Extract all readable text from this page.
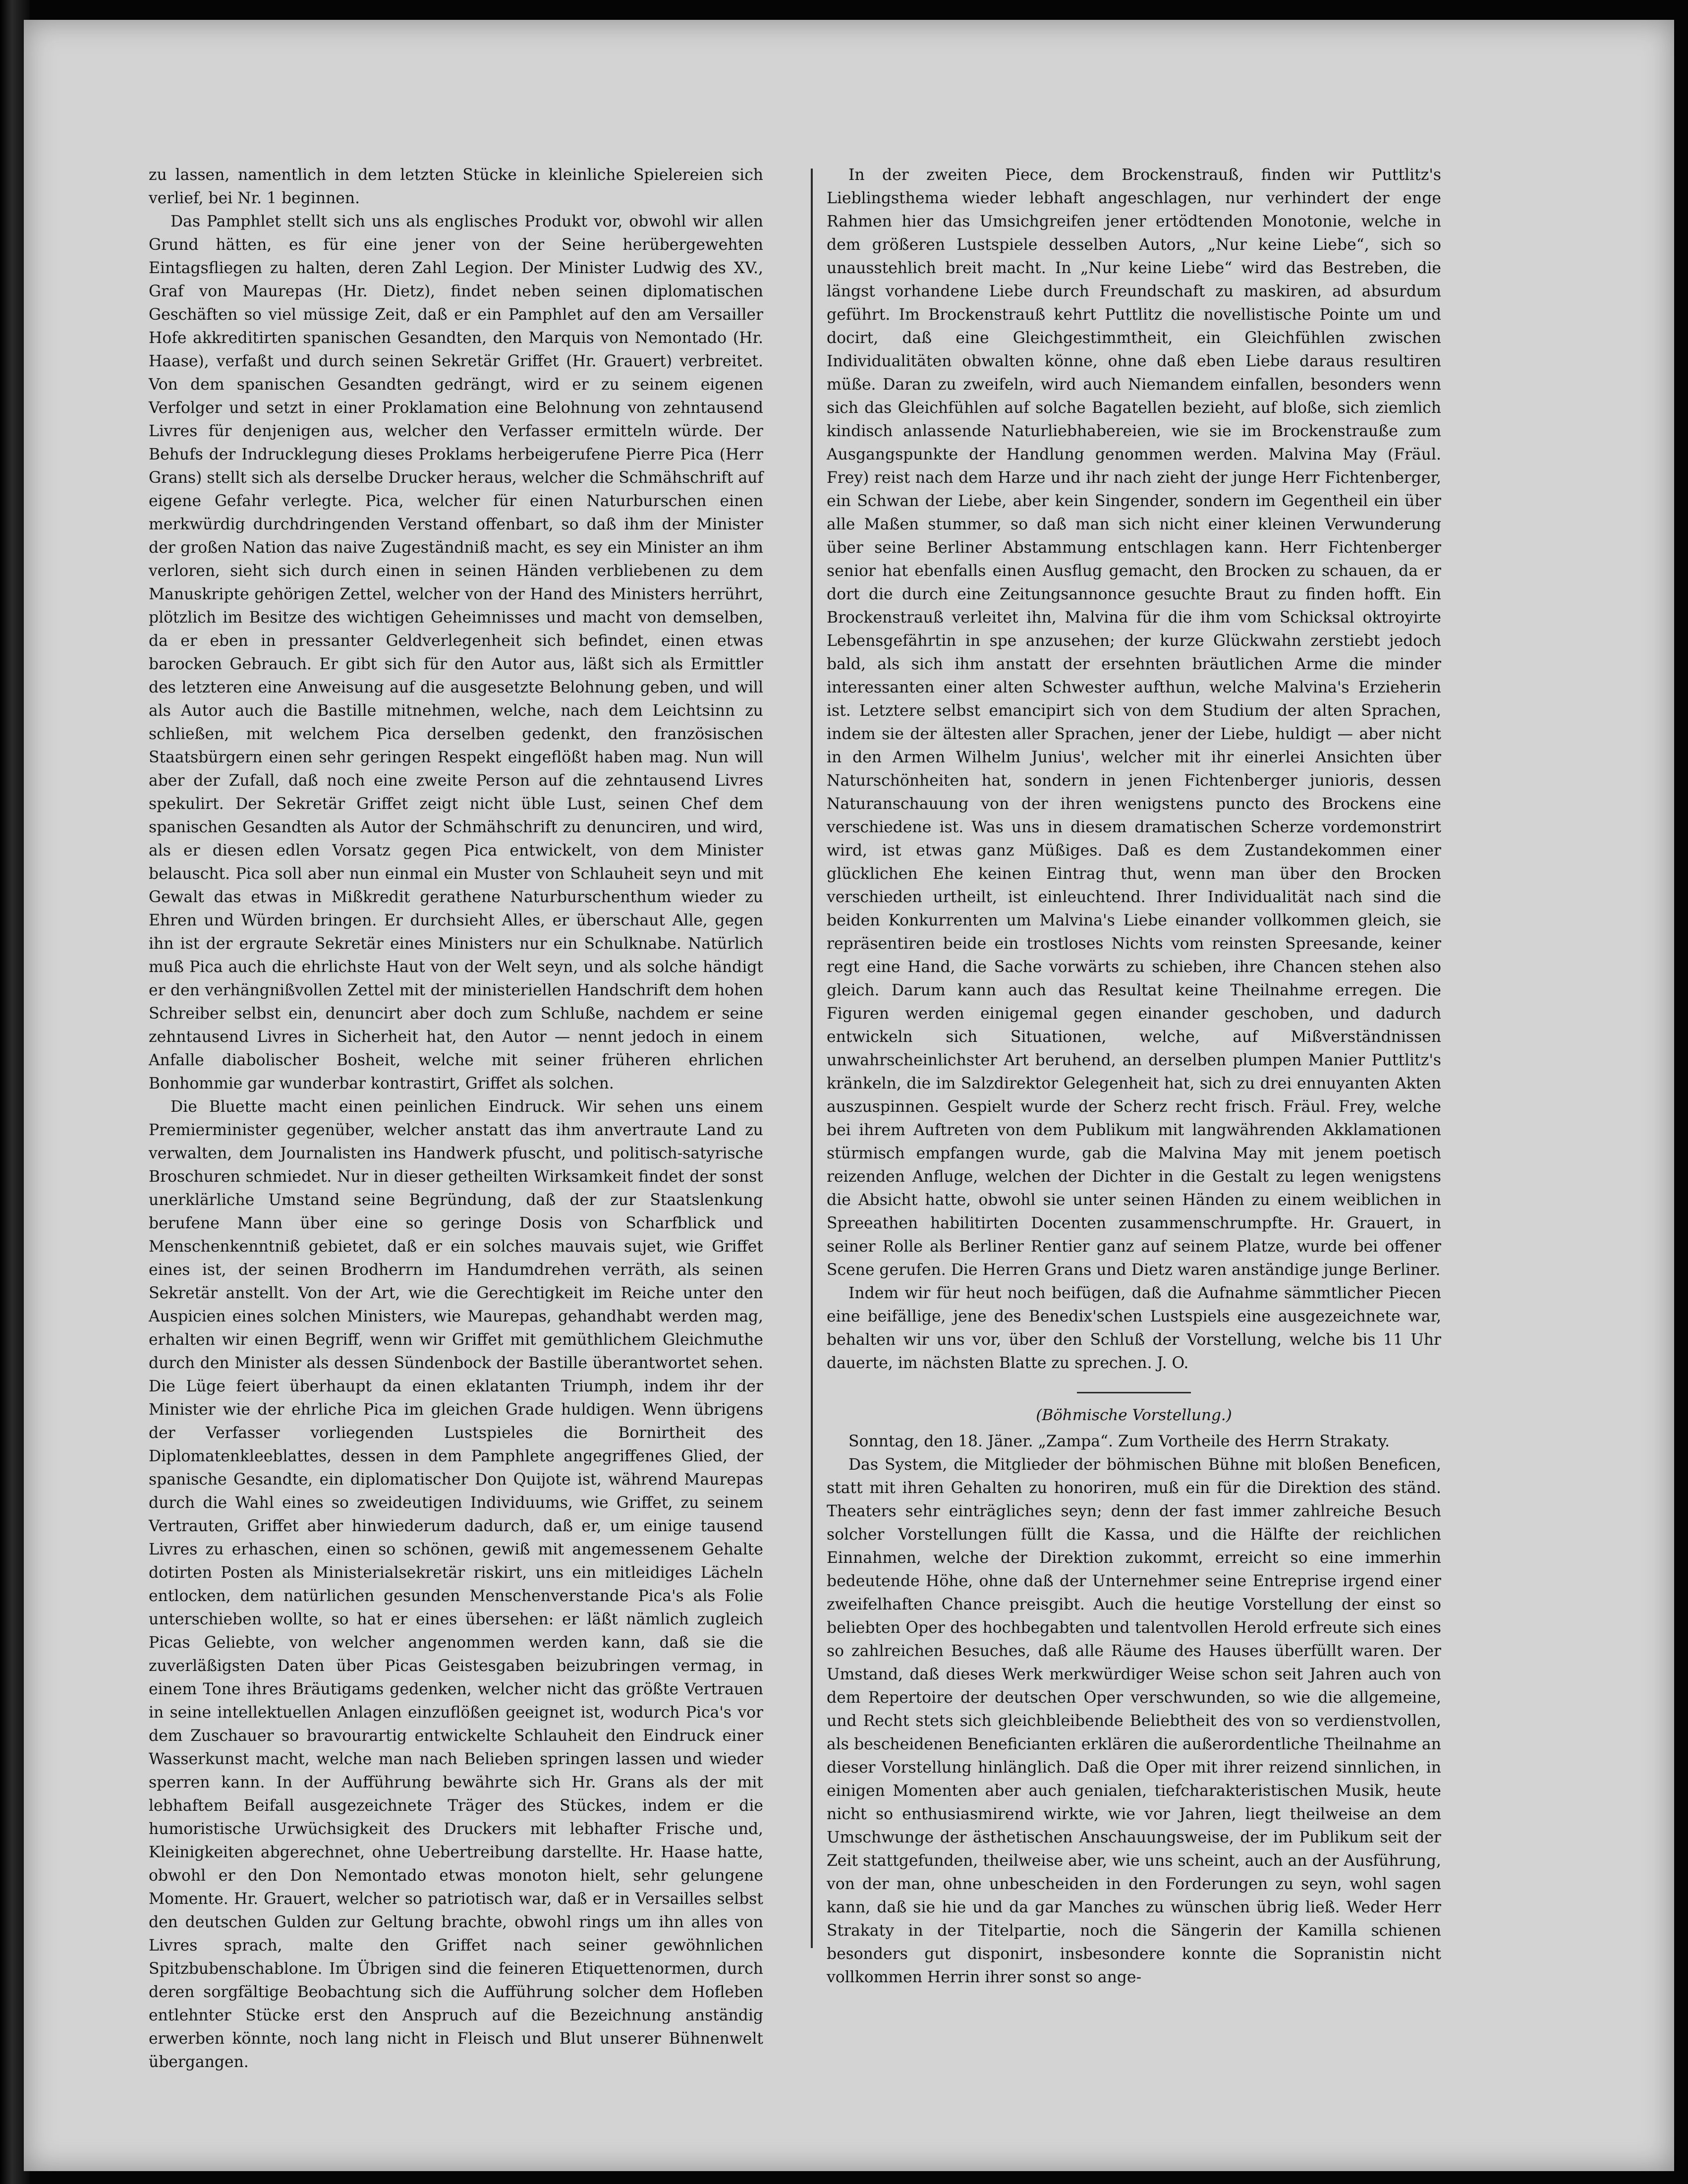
zu lassen, namentlich in dem letzten Stücke in kleinliche Spielereien sich verlief, bei Nr. 1 beginnen.

Das Pamphlet stellt sich uns als englisches Produkt vor, obwohl wir allen Grund hätten, es für eine jener von der Seine herübergewehten Eintagsfliegen zu halten, deren Zahl Legion. Der Minister Ludwig des XV., Graf von Maurepas (Hr. Dietz), findet neben seinen diplomatischen Geschäften so viel müssige Zeit, daß er ein Pamphlet auf den am Versailler Hofe akkreditirten spanischen Gesandten, den Marquis von Nemontado (Hr. Haase), verfaßt und durch seinen Sekretär Griffet (Hr. Grauert) verbreitet. Von dem spanischen Gesandten gedrängt, wird er zu seinem eigenen Verfolger und setzt in einer Proklamation eine Belohnung von zehntausend Livres für denjenigen aus, welcher den Verfasser ermitteln würde. Der Behufs der Indrucklegung dieses Proklams herbeigerufene Pierre Pica (Herr Grans) stellt sich als derselbe Drucker heraus, welcher die Schmähschrift auf eigene Gefahr verlegte. Pica, welcher für einen Naturburschen einen merkwürdig durchdringenden Verstand offenbart, so daß ihm der Minister der großen Nation das naive Zugeständniß macht, es sey ein Minister an ihm verloren, sieht sich durch einen in seinen Händen verbliebenen zu dem Manuskripte gehörigen Zettel, welcher von der Hand des Ministers herrührt, plötzlich im Besitze des wichtigen Geheimnisses und macht von demselben, da er eben in pressanter Geldverlegenheit sich befindet, einen etwas barocken Gebrauch. Er gibt sich für den Autor aus, läßt sich als Ermittler des letzteren eine Anweisung auf die ausgesetzte Belohnung geben, und will als Autor auch die Bastille mitnehmen, welche, nach dem Leichtsinn zu schließen, mit welchem Pica derselben gedenkt, den französischen Staatsbürgern einen sehr geringen Respekt eingeflößt haben mag. Nun will aber der Zufall, daß noch eine zweite Person auf die zehntausend Livres spekulirt. Der Sekretär Griffet zeigt nicht üble Lust, seinen Chef dem spanischen Gesandten als Autor der Schmähschrift zu denunciren, und wird, als er diesen edlen Vorsatz gegen Pica entwickelt, von dem Minister belauscht. Pica soll aber nun einmal ein Muster von Schlauheit seyn und mit Gewalt das etwas in Mißkredit gerathene Naturburschenthum wieder zu Ehren und Würden bringen. Er durchsieht Alles, er überschaut Alle, gegen ihn ist der ergraute Sekretär eines Ministers nur ein Schulknabe. Natürlich muß Pica auch die ehrlichste Haut von der Welt seyn, und als solche händigt er den verhängnißvollen Zettel mit der ministeriellen Handschrift dem hohen Schreiber selbst ein, denuncirt aber doch zum Schluße, nachdem er seine zehntausend Livres in Sicherheit hat, den Autor — nennt jedoch in einem Anfalle diabolischer Bosheit, welche mit seiner früheren ehrlichen Bonhommie gar wunderbar kontrastirt, Griffet als solchen.

Die Bluette macht einen peinlichen Eindruck. Wir sehen uns einem Premierminister gegenüber, welcher anstatt das ihm anvertraute Land zu verwalten, dem Journalisten ins Handwerk pfuscht, und politisch-satyrische Broschuren schmiedet. Nur in dieser getheilten Wirksamkeit findet der sonst unerklärliche Umstand seine Begründung, daß der zur Staatslenkung berufene Mann über eine so geringe Dosis von Scharfblick und Menschenkenntniß gebietet, daß er ein solches mauvais sujet, wie Griffet eines ist, der seinen Brodherrn im Handumdrehen verräth, als seinen Sekretär anstellt. Von der Art, wie die Gerechtigkeit im Reiche unter den Auspicien eines solchen Ministers, wie Maurepas, gehandhabt werden mag, erhalten wir einen Begriff, wenn wir Griffet mit gemüthlichem Gleichmuthe durch den Minister als dessen Sündenbock der Bastille überantwortet sehen. Die Lüge feiert überhaupt da einen eklatanten Triumph, indem ihr der Minister wie der ehrliche Pica im gleichen Grade huldigen. Wenn übrigens der Verfasser vorliegenden Lustspieles die Bornirtheit des Diplomatenkleeblattes, dessen in dem Pamphlete angegriffenes Glied, der spanische Gesandte, ein diplomatischer Don Quijote ist, während Maurepas durch die Wahl eines so zweideutigen Individuums, wie Griffet, zu seinem Vertrauten, Griffet aber hinwiederum dadurch, daß er, um einige tausend Livres zu erhaschen, einen so schönen, gewiß mit angemessenem Gehalte dotirten Posten als Ministerialsekretär riskirt, uns ein mitleidiges Lächeln entlocken, dem natürlichen gesunden Menschenverstande Pica's als Folie unterschieben wollte, so hat er eines übersehen: er läßt nämlich zugleich Picas Geliebte, von welcher angenommen werden kann, daß sie die zuverläßigsten Daten über Picas Geistesgaben beizubringen vermag, in einem Tone ihres Bräutigams gedenken, welcher nicht das größte Vertrauen in seine intellektuellen Anlagen einzuflößen geeignet ist, wodurch Pica's vor dem Zuschauer so bravourartig entwickelte Schlauheit den Eindruck einer Wasserkunst macht, welche man nach Belieben springen lassen und wieder sperren kann. In der Aufführung bewährte sich Hr. Grans als der mit lebhaftem Beifall ausgezeichnete Träger des Stückes, indem er die humoristische Urwüchsigkeit des Druckers mit lebhafter Frische und, Kleinigkeiten abgerechnet, ohne Uebertreibung darstellte. Hr. Haase hatte, obwohl er den Don Nemontado etwas monoton hielt, sehr gelungene Momente. Hr. Grauert, welcher so patriotisch war, daß er in Versailles selbst den deutschen Gulden zur Geltung brachte, obwohl rings um ihn alles von Livres sprach, malte den Griffet nach seiner gewöhnlichen Spitzbubenschablone. Im Übrigen sind die feineren Etiquettenormen, durch deren sorgfältige Beobachtung sich die Aufführung solcher dem Hofleben entlehnter Stücke erst den Anspruch auf die Bezeichnung anständig erwerben könnte, noch lang nicht in Fleisch und Blut unserer Bühnenwelt übergangen.

In der zweiten Piece, dem Brockenstrauß, finden wir Puttlitz's Lieblingsthema wieder lebhaft angeschlagen, nur verhindert der enge Rahmen hier das Umsichgreifen jener ertödtenden Monotonie, welche in dem größeren Lustspiele desselben Autors, „Nur keine Liebe“, sich so unausstehlich breit macht. In „Nur keine Liebe“ wird das Bestreben, die längst vorhandene Liebe durch Freundschaft zu maskiren, ad absurdum geführt. Im Brockenstrauß kehrt Puttlitz die novellistische Pointe um und docirt, daß eine Gleichgestimmtheit, ein Gleichfühlen zwischen Individualitäten obwalten könne, ohne daß eben Liebe daraus resultiren müße. Daran zu zweifeln, wird auch Niemandem einfallen, besonders wenn sich das Gleichfühlen auf solche Bagatellen bezieht, auf bloße, sich ziemlich kindisch anlassende Naturliebhabereien, wie sie im Brockenstrauße zum Ausgangspunkte der Handlung genommen werden. Malvina May (Fräul. Frey) reist nach dem Harze und ihr nach zieht der junge Herr Fichtenberger, ein Schwan der Liebe, aber kein Singender, sondern im Gegentheil ein über alle Maßen stummer, so daß man sich nicht einer kleinen Verwunderung über seine Berliner Abstammung entschlagen kann. Herr Fichtenberger senior hat ebenfalls einen Ausflug gemacht, den Brocken zu schauen, da er dort die durch eine Zeitungsannonce gesuchte Braut zu finden hofft. Ein Brockenstrauß verleitet ihn, Malvina für die ihm vom Schicksal oktroyirte Lebensgefährtin in spe anzusehen; der kurze Glückwahn zerstiebt jedoch bald, als sich ihm anstatt der ersehnten bräutlichen Arme die minder interessanten einer alten Schwester aufthun, welche Malvina's Erzieherin ist. Letztere selbst emancipirt sich von dem Studium der alten Sprachen, indem sie der ältesten aller Sprachen, jener der Liebe, huldigt — aber nicht in den Armen Wilhelm Junius', welcher mit ihr einerlei Ansichten über Naturschönheiten hat, sondern in jenen Fichtenberger junioris, dessen Naturanschauung von der ihren wenigstens puncto des Brockens eine verschiedene ist. Was uns in diesem dramatischen Scherze vordemonstrirt wird, ist etwas ganz Müßiges. Daß es dem Zustandekommen einer glücklichen Ehe keinen Eintrag thut, wenn man über den Brocken verschieden urtheilt, ist einleuchtend. Ihrer Individualität nach sind die beiden Konkurrenten um Malvina's Liebe einander vollkommen gleich, sie repräsentiren beide ein trostloses Nichts vom reinsten Spreesande, keiner regt eine Hand, die Sache vorwärts zu schieben, ihre Chancen stehen also gleich. Darum kann auch das Resultat keine Theilnahme erregen. Die Figuren werden einigemal gegen einander geschoben, und dadurch entwickeln sich Situationen, welche, auf Mißverständnissen unwahrscheinlichster Art beruhend, an derselben plumpen Manier Puttlitz's kränkeln, die im Salzdirektor Gelegenheit hat, sich zu drei ennuyanten Akten auszuspinnen. Gespielt wurde der Scherz recht frisch. Fräul. Frey, welche bei ihrem Auftreten von dem Publikum mit langwährenden Akklamationen stürmisch empfangen wurde, gab die Malvina May mit jenem poetisch reizenden Anfluge, welchen der Dichter in die Gestalt zu legen wenigstens die Absicht hatte, obwohl sie unter seinen Händen zu einem weiblichen in Spreeathen habilitirten Docenten zusammenschrumpfte. Hr. Grauert, in seiner Rolle als Berliner Rentier ganz auf seinem Platze, wurde bei offener Scene gerufen. Die Herren Grans und Dietz waren anständige junge Berliner.

Indem wir für heut noch beifügen, daß die Aufnahme sämmtlicher Piecen eine beifällige, jene des Benedix'schen Lustspiels eine ausgezeichnete war, behalten wir uns vor, über den Schluß der Vorstellung, welche bis 11 Uhr dauerte, im nächsten Blatte zu sprechen. J. O.

(Böhmische Vorstellung.)

Sonntag, den 18. Jäner. „Zampa“. Zum Vortheile des Herrn Strakaty.

Das System, die Mitglieder der böhmischen Bühne mit bloßen Beneficen, statt mit ihren Gehalten zu honoriren, muß ein für die Direktion des ständ. Theaters sehr einträgliches seyn; denn der fast immer zahlreiche Besuch solcher Vorstellungen füllt die Kassa, und die Hälfte der reichlichen Einnahmen, welche der Direktion zukommt, erreicht so eine immerhin bedeutende Höhe, ohne daß der Unternehmer seine Entreprise irgend einer zweifelhaften Chance preisgibt. Auch die heutige Vorstellung der einst so beliebten Oper des hochbegabten und talentvollen Herold erfreute sich eines so zahlreichen Besuches, daß alle Räume des Hauses überfüllt waren. Der Umstand, daß dieses Werk merkwürdiger Weise schon seit Jahren auch von dem Repertoire der deutschen Oper verschwunden, so wie die allgemeine, und Recht stets sich gleichbleibende Beliebtheit des von so verdienstvollen, als bescheidenen Beneficianten erklären die außerordentliche Theilnahme an dieser Vorstellung hinlänglich. Daß die Oper mit ihrer reizend sinnlichen, in einigen Momenten aber auch genialen, tiefcharakteristischen Musik, heute nicht so enthusiasmirend wirkte, wie vor Jahren, liegt theilweise an dem Umschwunge der ästhetischen Anschauungsweise, der im Publikum seit der Zeit stattgefunden, theilweise aber, wie uns scheint, auch an der Ausführung, von der man, ohne unbescheiden in den Forderungen zu seyn, wohl sagen kann, daß sie hie und da gar Manches zu wünschen übrig ließ. Weder Herr Strakaty in der Titelpartie, noch die Sängerin der Kamilla schienen besonders gut disponirt, insbesondere konnte die Sopranistin nicht vollkommen Herrin ihrer sonst so ange-
